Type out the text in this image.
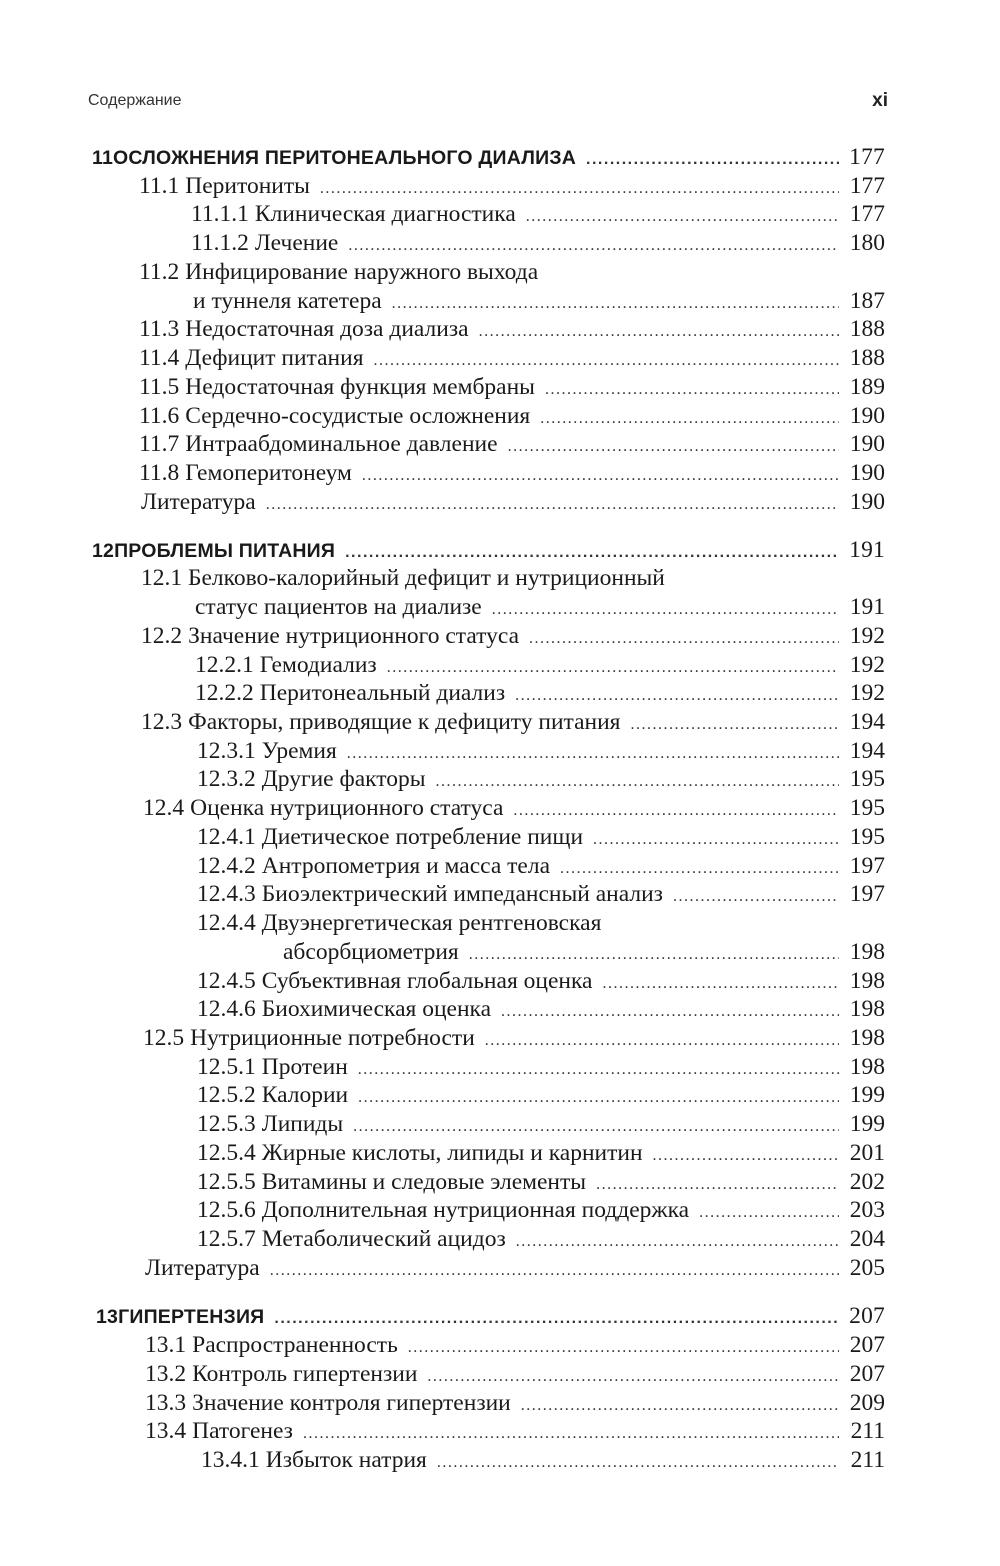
Содержание	xi
11 ОСЛОЖНЕНИЯ ПЕРИТОНЕАЛЬНОГО ДИАЛИЗА .....	177
11.1 Перитониты .....	177
11.1.1 Клиническая диагностика .....	177
11.1.2 Лечение .....	180
11.2 Инфицирование наружного выхода
и туннеля катетера .....	187
11.3 Недостаточная доза диализа .....	188
11.4 Дефицит питания .....	188
11.5 Недостаточная функция мембраны .....	189
11.6 Сердечно-сосудистые осложнения .....	190
11.7 Интраабдоминальное давление .....	190
11.8 Гемоперитонеум .....	190
Литература .....	190
12 ПРОБЛЕМЫ ПИТАНИЯ .....	191
12.1 Белково-калорийный дефицит и нутриционный
статус пациентов на диализе .....	191
12.2 Значение нутриционного статуса .....	192
12.2.1 Гемодиализ .....	192
12.2.2 Перитонеальный диализ .....	192
12.3 Факторы, приводящие к дефициту питания .....	194
12.3.1 Уремия .....	194
12.3.2 Другие факторы .....	195
12.4 Оценка нутриционного статуса .....	195
12.4.1 Диетическое потребление пищи .....	195
12.4.2 Антропометрия и масса тела .....	197
12.4.3 Биоэлектрический импедансный анализ .....	197
12.4.4 Двуэнергетическая рентгеновская
абсорбциометрия .....	198
12.4.5 Субъективная глобальная оценка .....	198
12.4.6 Биохимическая оценка .....	198
12.5 Нутриционные потребности .....	198
12.5.1 Протеин .....	198
12.5.2 Калории .....	199
12.5.3 Липиды .....	199
12.5.4 Жирные кислоты, липиды и карнитин .....	201
12.5.5 Витамины и следовые элементы .....	202
12.5.6 Дополнительная нутриционная поддержка .....	203
12.5.7 Метаболический ацидоз .....	204
Литература .....	205
13 ГИПЕРТЕНЗИЯ .....	207
13.1 Распространенность .....	207
13.2 Контроль гипертензии .....	207
13.3 Значение контроля гипертензии .....	209
13.4 Патогенез .....	211
13.4.1 Избыток натрия .....	211
